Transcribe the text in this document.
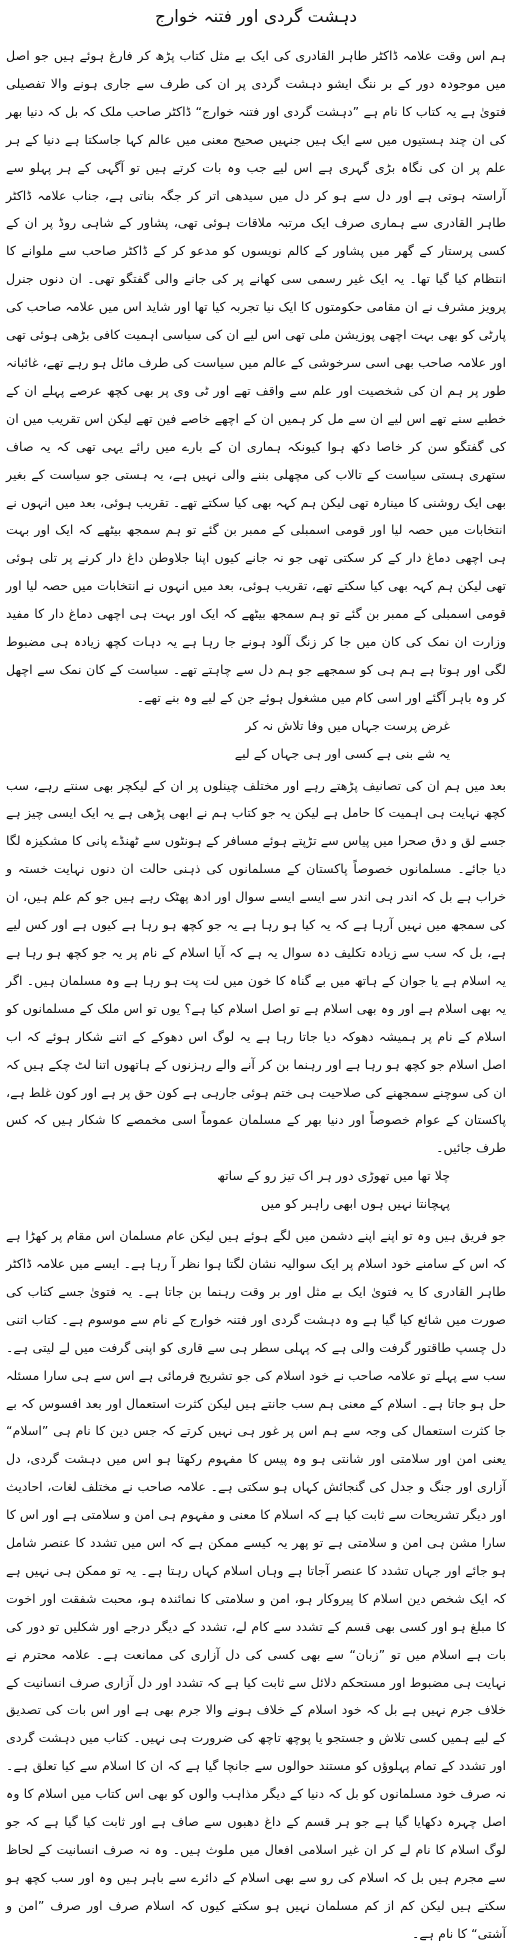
دہشت گردی اور فتنہ خوارج

ہم اس وقت علامہ ڈاکٹر طاہر القادری کی ایک بے مثل کتاب پڑھ کر فارغ ہوئے ہیں جو اصل میں موجودہ دور کے بر ننگ ایشو دہشت گردی پر ان کی طرف سے جاری ہونے والا تفصیلی فتویٰ ہے یہ کتاب کا نام ہے ”دہشت گردی اور فتنہ خوارج“ ڈاکٹر صاحب ملک کہ بل کہ دنیا بھر کی ان چند ہستیوں میں سے ایک ہیں جنہیں صحیح معنی میں عالم کہا جاسکتا ہے دنیا کے ہر علم پر ان کی نگاہ بڑی گہری ہے اس لیے جب وہ بات کرتے ہیں تو آگہی کے ہر پہلو سے آراستہ ہوتی ہے اور دل سے ہو کر دل میں سیدھی اتر کر جگہ بناتی ہے، جناب علامہ ڈاکٹر طاہر القادری سے ہماری صرف ایک مرتبہ ملاقات ہوئی تھی، پشاور کے شاہی روڈ پر ان کے کسی پرستار کے گھر میں پشاور کے کالم نویسوں کو مدعو کر کے ڈاکٹر صاحب سے ملوانے کا انتظام کیا گیا تھا۔ یہ ایک غیر رسمی سی کھانے پر کی جانے والی گفتگو تھی۔ ان دنوں جنرل پرویز مشرف نے ان مقامی حکومتوں کا ایک نیا تجربہ کیا تھا اور شاید اس میں علامہ صاحب کی پارٹی کو بھی بہت اچھی پوزیشن ملی تھی اس لیے ان کی سیاسی اہمیت کافی بڑھی ہوئی تھی اور علامہ صاحب بھی اسی سرخوشی کے عالم میں سیاست کی طرف مائل ہو رہے تھے، غائبانہ طور پر ہم ان کی شخصیت اور علم سے واقف تھے اور ٹی وی پر بھی کچھ عرصے پہلے ان کے خطبے سنے تھے اس لیے ان سے مل کر ہمیں ان کے اچھے خاصے فین تھے لیکن اس تقریب میں ان کی گفتگو سن کر خاصا دکھ ہوا کیونکہ ہماری ان کے بارے میں رائے یہی تھی کہ یہ صاف ستھری ہستی سیاست کے تالاب کی مچھلی بننے والی نہیں ہے، یہ ہستی جو سیاست کے بغیر بھی ایک روشنی کا مینارہ تھی لیکن ہم کہہ بھی کیا سکتے تھے۔ تقریب ہوئی، بعد میں انہوں نے انتخابات میں حصہ لیا اور قومی اسمبلی کے ممبر بن گئے تو ہم سمجھ بیٹھے کہ ایک اور بہت ہی اچھی دماغ دار کے کر سکتی تھی جو نہ جانے کیوں اپنا جلاوطن داغ دار کرنے پر تلی ہوئی تھی لیکن ہم کہہ بھی کیا سکتے تھے، تقریب ہوئی، بعد میں انہوں نے انتخابات میں حصہ لیا اور قومی اسمبلی کے ممبر بن گئے تو ہم سمجھ بیٹھے کہ ایک اور بہت ہی اچھی دماغ دار کا مفید وزارت ان نمک کی کان میں جا کر زنگ آلود ہونے جا رہا ہے یہ دہات کچھ زیادہ ہی مضبوط لگی اور ہوتا ہے ہم ہی کو سمجھے جو ہم دل سے چاہتے تھے۔ سیاست کے کان نمک سے اچھل کر وہ باہر آگئے اور اسی کام میں مشغول ہوئے جن کے لیے وہ بنے تھے۔

غرض پرست جہاں میں وفا تلاش نہ کر
یہ شے بنی ہے کسی اور ہی جہاں کے لیے

بعد میں ہم ان کی تصانیف پڑھتے رہے اور مختلف چینلوں پر ان کے لیکچر بھی سنتے رہے، سب کچھ نہایت ہی اہمیت کا حامل ہے لیکن یہ جو کتاب ہم نے ابھی پڑھی ہے یہ ایک ایسی چیز ہے جسے لق و دق صحرا میں پیاس سے تڑپتے ہوئے مسافر کے ہونٹوں سے ٹھنڈے پانی کا مشکیزہ لگا دیا جائے۔ مسلمانوں خصوصاً پاکستان کے مسلمانوں کی ذہنی حالت ان دنوں نہایت خستہ و خراب ہے بل کہ اندر ہی اندر سے ایسے ایسے سوال اور ادھ پھٹک رہے ہیں جو کم علم ہیں، ان کی سمجھ میں نہیں آرہا ہے کہ یہ کیا ہو رہا ہے یہ جو کچھ ہو رہا ہے کیوں ہے اور کس لیے ہے، بل کہ سب سے زیادہ تکلیف دہ سوال یہ ہے کہ آیا اسلام کے نام پر یہ جو کچھ ہو رہا ہے یہ اسلام ہے یا جوان کے ہاتھ میں بے گناہ کا خون میں لت پت ہو رہا ہے وہ مسلمان ہیں۔ اگر یہ بھی اسلام ہے اور وہ بھی اسلام ہے تو اصل اسلام کیا ہے؟ یوں تو اس ملک کے مسلمانوں کو اسلام کے نام پر ہمیشہ دھوکہ دیا جاتا رہا ہے یہ لوگ اس دھوکے کے اتنے شکار ہوئے کہ اب اصل اسلام جو کچھ ہو رہا ہے اور رہنما بن کر آنے والے رہزنوں کے ہاتھوں اتنا لٹ چکے ہیں کہ ان کی سوچنے سمجھنے کی صلاحیت ہی ختم ہوئی جارہی ہے کون حق پر ہے اور کون غلط ہے، پاکستان کے عوام خصوصاً اور دنیا بھر کے مسلمان عموماً اسی مخمصے کا شکار ہیں کہ کس طرف جائیں۔

چلا تھا میں تھوڑی دور ہر اک تیز رو کے ساتھ
پہچانتا نہیں ہوں ابھی راہبر کو میں

جو فریق ہیں وہ تو اپنے اپنے دشمن میں لگے ہوئے ہیں لیکن عام مسلمان اس مقام پر کھڑا ہے کہ اس کے سامنے خود اسلام پر ایک سوالیہ نشان لگتا ہوا نظر آ رہا ہے۔ ایسے میں علامہ ڈاکٹر طاہر القادری کا یہ فتویٰ ایک بے مثل اور بر وقت رہنما بن جاتا ہے۔ یہ فتویٰ جسے کتاب کی صورت میں شائع کیا گیا ہے وہ دہشت گردی اور فتنہ خوارج کے نام سے موسوم ہے۔ کتاب اتنی دل چسپ طاقتور گرفت والی ہے کہ پہلی سطر ہی سے قاری کو اپنی گرفت میں لے لیتی ہے۔ سب سے پہلے تو علامہ صاحب نے خود اسلام کی جو تشریح فرمائی ہے اس سے ہی سارا مسئلہ حل ہو جاتا ہے۔ اسلام کے معنی ہم سب جانتے ہیں لیکن کثرت استعمال اور بعد افسوس کہ بے جا کثرت استعمال کی وجہ سے ہم اس پر غور ہی نہیں کرتے کہ جس دین کا نام ہی ”اسلام“ یعنی امن اور سلامتی اور شانتی ہو وہ پیس کا مفہوم رکھتا ہو اس میں دہشت گردی، دل آزاری اور جنگ و جدل کی گنجائش کہاں ہو سکتی ہے۔ علامہ صاحب نے مختلف لغات، احادیث اور دیگر تشریحات سے ثابت کیا ہے کہ اسلام کا معنی و مفہوم ہی امن و سلامتی ہے اور اس کا سارا مشن ہی امن و سلامتی ہے تو پھر یہ کیسے ممکن ہے کہ اس میں تشدد کا عنصر شامل ہو جائے اور جہاں تشدد کا عنصر آجاتا ہے وہاں اسلام کہاں رہتا ہے۔ یہ تو ممکن ہی نہیں ہے کہ ایک شخص دین اسلام کا پیروکار ہو، امن و سلامتی کا نمائندہ ہو، محبت شفقت اور اخوت کا مبلغ ہو اور کسی بھی قسم کے تشدد سے کام لے، تشدد کے دیگر درجے اور شکلیں تو دور کی بات ہے اسلام میں تو ”زبان“ سے بھی کسی کی دل آزاری کی ممانعت ہے۔ علامہ محترم نے نہایت ہی مضبوط اور مستحکم دلائل سے ثابت کیا ہے کہ تشدد اور دل آزاری صرف انسانیت کے خلاف جرم نہیں ہے بل کہ خود اسلام کے خلاف ہونے والا جرم بھی ہے اور اس بات کی تصدیق کے لیے ہمیں کسی تلاش و جستجو یا پوچھ تاچھ کی ضرورت ہی نہیں۔ کتاب میں دہشت گردی اور تشدد کے تمام پہلوؤں کو مستند حوالوں سے جانچا گیا ہے کہ ان کا اسلام سے کیا تعلق ہے۔ نہ صرف خود مسلمانوں کو بل کہ دنیا کے دیگر مذاہب والوں کو بھی اس کتاب میں اسلام کا وہ اصل چہرہ دکھایا گیا ہے جو ہر قسم کے داغ دھبوں سے صاف ہے اور ثابت کیا گیا ہے کہ جو لوگ اسلام کا نام لے کر ان غیر اسلامی افعال میں ملوث ہیں۔ وہ نہ صرف انسانیت کے لحاظ سے مجرم ہیں بل کہ اسلام کی رو سے بھی اسلام کے دائرے سے باہر ہیں وہ اور سب کچھ ہو سکتے ہیں لیکن کم از کم مسلمان نہیں ہو سکتے کیوں کہ اسلام صرف اور صرف ”امن و آشتی“ کا نام ہے۔
